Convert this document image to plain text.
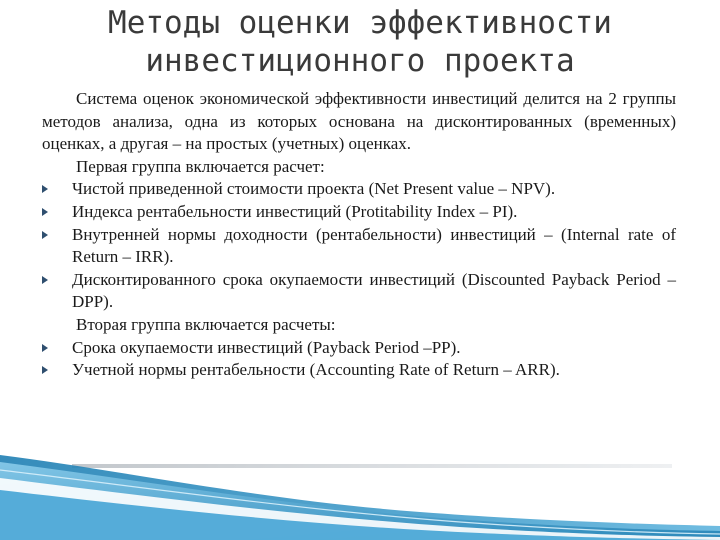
Методы оценки эффективности
инвестиционного проекта

Система оценок экономической эффективности инвестиций делится на 2 группы методов анализа, одна из которых основана на дисконтированных (временных) оценках, а другая – на простых (учетных) оценках.

Первая группа включается расчет:

Чистой приведенной стоимости проекта (Net Present value – NPV).
Индекса рентабельности инвестиций (Protitability Index – PI).
Внутренней нормы доходности (рентабельности) инвестиций – (Internal rate of Return – IRR).
Дисконтированного срока окупаемости инвестиций (Discounted Payback Period – DPP).

Вторая группа включается расчеты:

Срока окупаемости инвестиций (Payback Period –PP).
Учетной нормы рентабельности (Accounting Rate of Return – ARR).
